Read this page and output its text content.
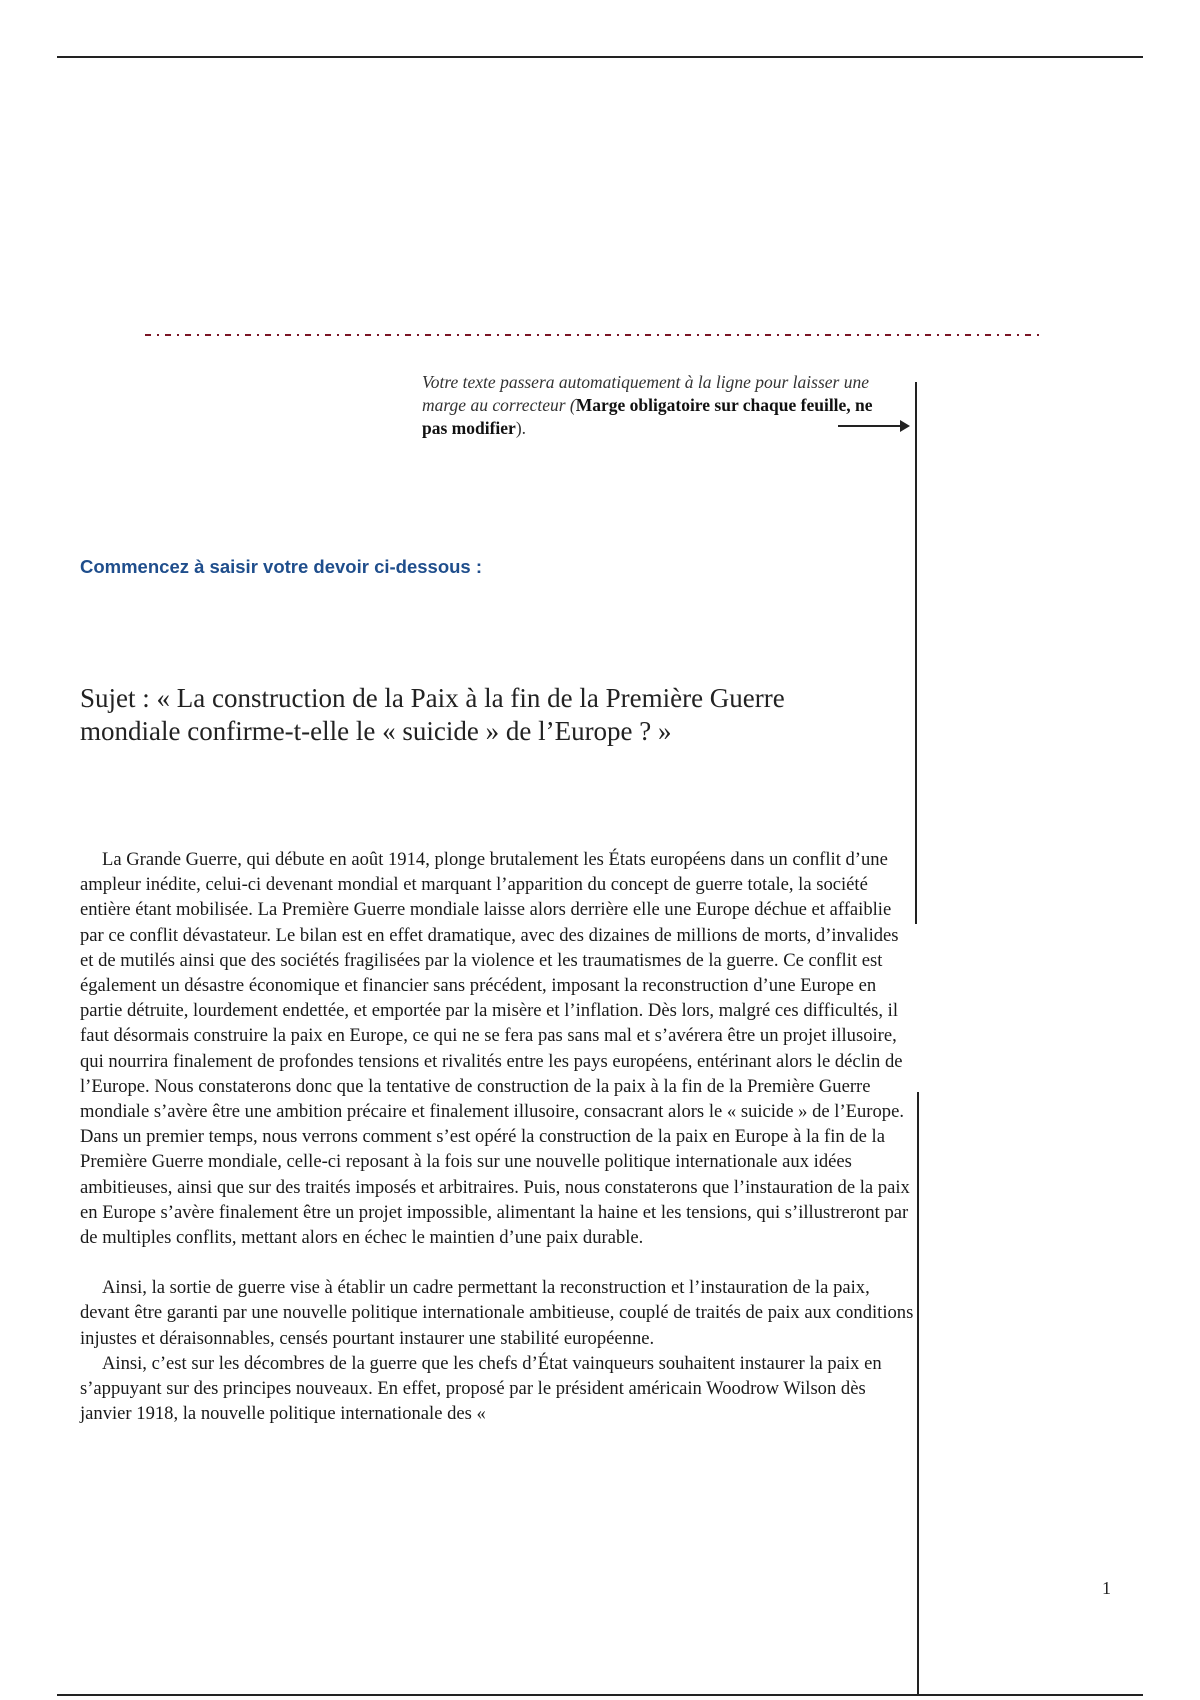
Votre texte passera automatiquement à la ligne pour laisser une marge au correcteur (Marge obligatoire sur chaque feuille, ne pas modifier).
Commencez à saisir votre devoir ci-dessous :
Sujet : « La construction de la Paix à la fin de la Première Guerre mondiale confirme-t-elle le « suicide » de l’Europe ? »

La Grande Guerre, qui débute en août 1914, plonge brutalement les États européens dans un conflit d’une ampleur inédite, celui-ci devenant mondial et marquant l’apparition du concept de guerre totale, la société entière étant mobilisée. La Première Guerre mondiale laisse alors derrière elle une Europe déchue et affaiblie par ce conflit dévastateur. Le bilan est en effet dramatique, avec des dizaines de millions de morts, d’invalides et de mutilés ainsi que des sociétés fragilisées par la violence et les traumatismes de la guerre. Ce conflit est également un désastre économique et financier sans précédent, imposant la reconstruction d’une Europe en partie détruite, lourdement endettée, et emportée par la misère et l’inflation. Dès lors, malgré ces difficultés, il faut désormais construire la paix en Europe, ce qui ne se fera pas sans mal et s’avérera être un projet illusoire, qui nourrira finalement de profondes tensions et rivalités entre les pays européens, entérinant alors le déclin de l’Europe. Nous constaterons donc que la tentative de construction de la paix à la fin de la Première Guerre mondiale s’avère être une ambition précaire et finalement illusoire, consacrant alors le « suicide » de l’Europe.

Dans un premier temps, nous verrons comment s’est opéré la construction de la paix en Europe à la fin de la Première Guerre mondiale, celle-ci reposant à la fois sur une nouvelle politique internationale aux idées ambitieuses, ainsi que sur des traités imposés et arbitraires. Puis, nous constaterons que l’instauration de la paix en Europe s’avère finalement être un projet impossible, alimentant la haine et les tensions, qui s’illustreront par de multiples conflits, mettant alors en échec le maintien d’une paix durable.

Ainsi, la sortie de guerre vise à établir un cadre permettant la reconstruction et l’instauration de la paix, devant être garanti par une nouvelle politique internationale ambitieuse, couplé de traités de paix aux conditions injustes et déraisonnables, censés pourtant instaurer une stabilité européenne.

Ainsi, c’est sur les décombres de la guerre que les chefs d’État vainqueurs souhaitent instaurer la paix en s’appuyant sur des principes nouveaux. En effet, proposé par le président américain Woodrow Wilson dès janvier 1918, la nouvelle politique internationale des «

1
